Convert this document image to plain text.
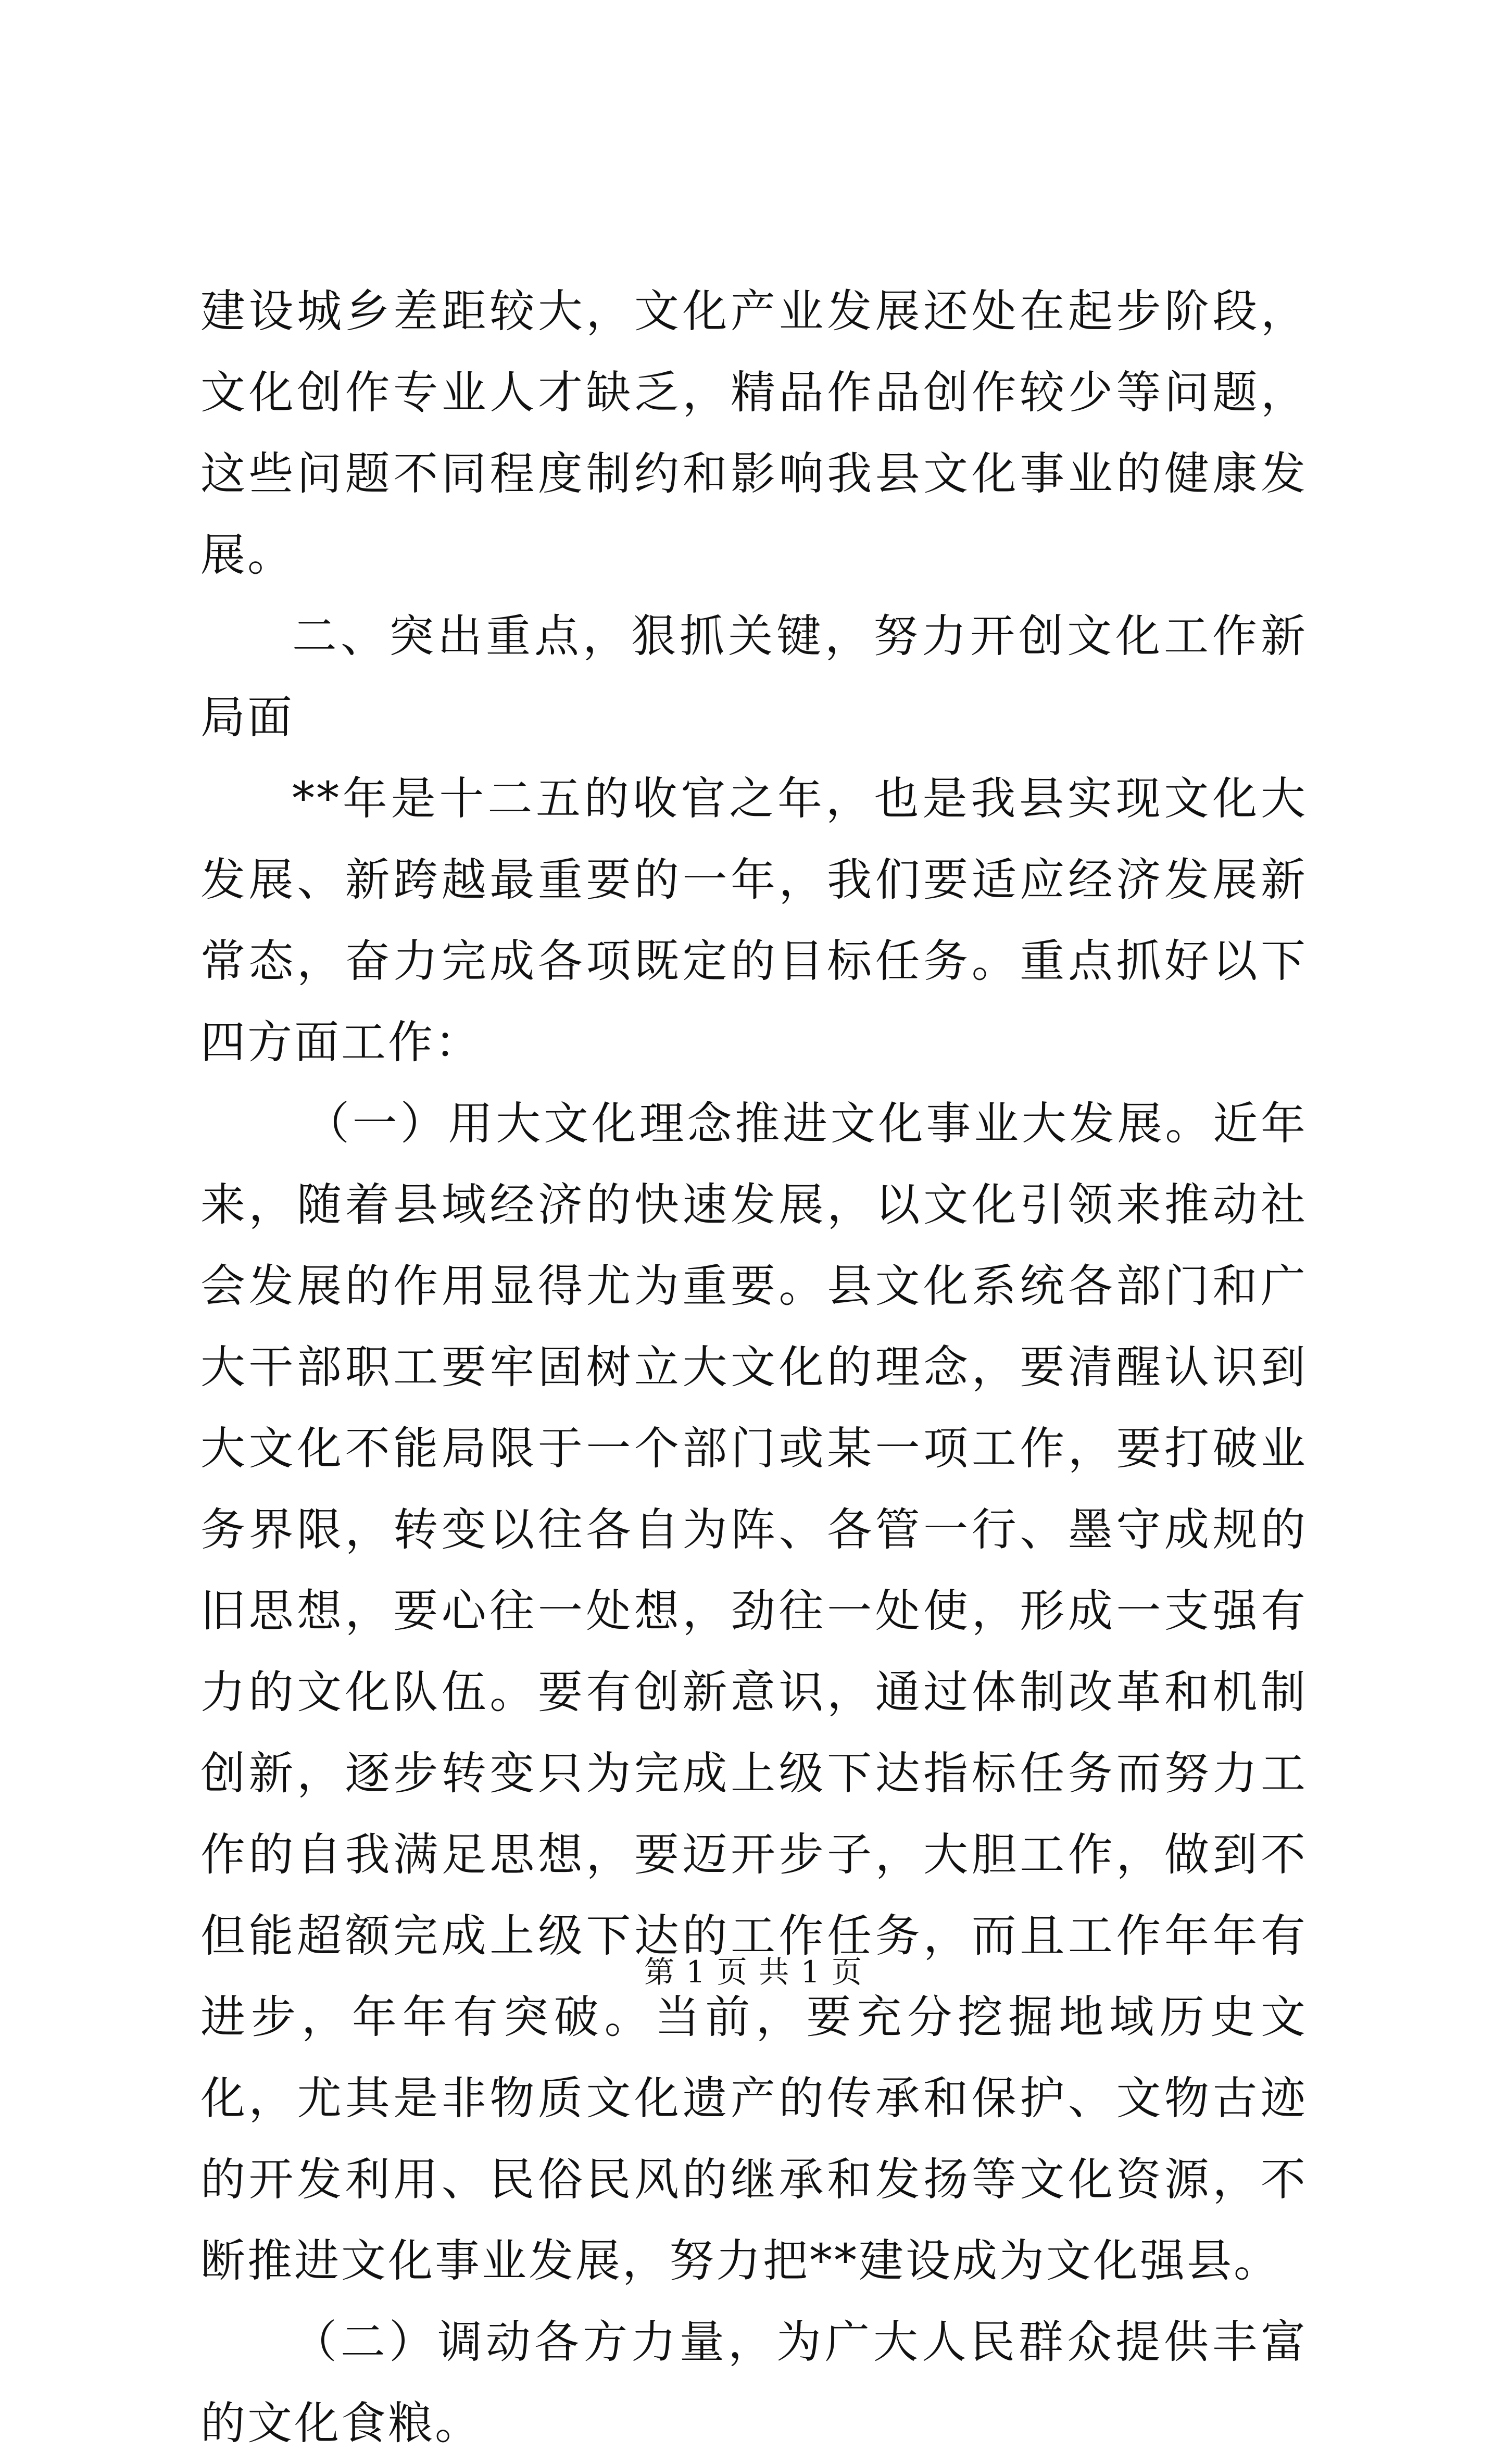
建设城乡差距较大，文化产业发展还处在起步阶段，文化创作专业人才缺乏，精品作品创作较少等问题，这些问题不同程度制约和影响我县文化事业的健康发展。

二、突出重点，狠抓关键，努力开创文化工作新局面

**年是十二五的收官之年，也是我县实现文化大发展、新跨越最重要的一年，我们要适应经济发展新常态，奋力完成各项既定的目标任务。重点抓好以下四方面工作：

（一）用大文化理念推进文化事业大发展。近年来，随着县域经济的快速发展，以文化引领来推动社会发展的作用显得尤为重要。县文化系统各部门和广大干部职工要牢固树立大文化的理念，要清醒认识到大文化不能局限于一个部门或某一项工作，要打破业务界限，转变以往各自为阵、各管一行、墨守成规的旧思想，要心往一处想，劲往一处使，形成一支强有力的文化队伍。要有创新意识，通过体制改革和机制创新，逐步转变只为完成上级下达指标任务而努力工作的自我满足思想，要迈开步子，大胆工作，做到不但能超额完成上级下达的工作任务，而且工作年年有进步，年年有突破。当前，要充分挖掘地域历史文化，尤其是非物质文化遗产的传承和保护、文物古迹的开发利用、民俗民风的继承和发扬等文化资源，不断推进文化事业发展，努力把**建设成为文化强县。

（二）调动各方力量，为广大人民群众提供丰富的文化食粮。

第 1 页 共 1 页
